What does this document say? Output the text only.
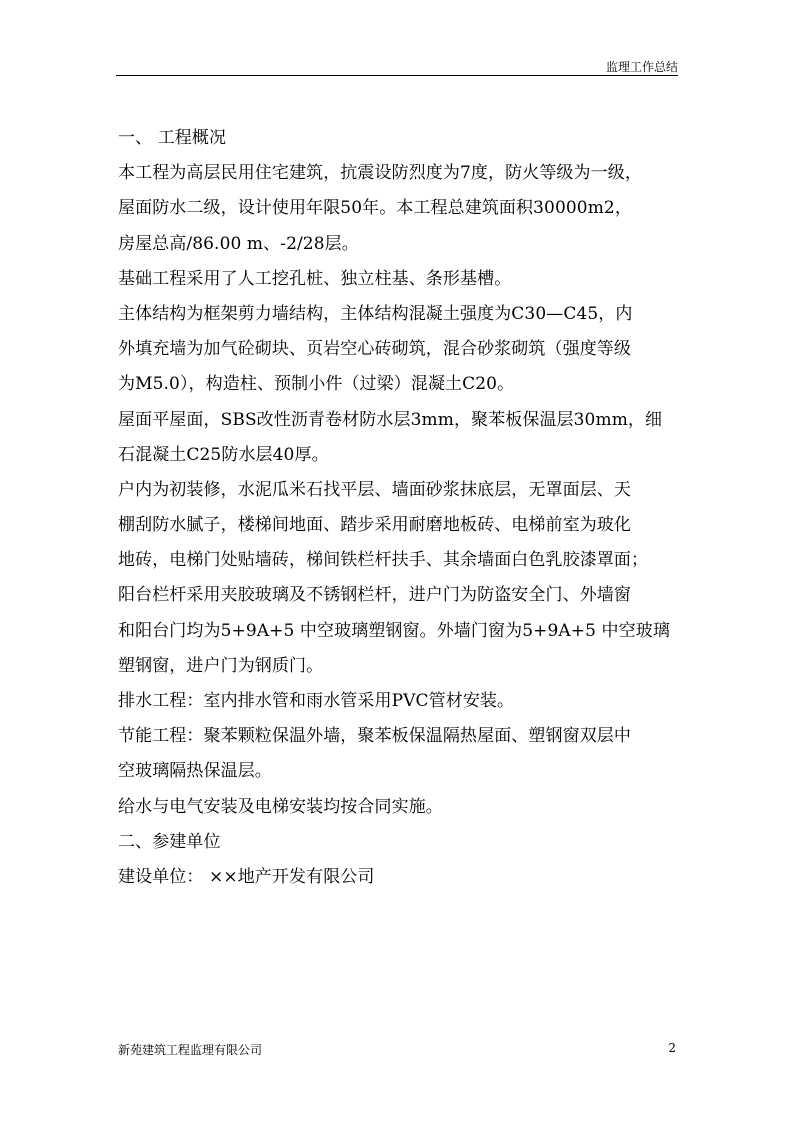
监理工作总结
一、 工程概况
本工程为高层民用住宅建筑，抗震设防烈度为7度，防火等级为一级，
屋面防水二级，设计使用年限50年。本工程总建筑面积30000m2，
房屋总高/86.00 m、-2/28层。
基础工程采用了人工挖孔桩、独立柱基、条形基槽。
主体结构为框架剪力墙结构，主体结构混凝土强度为C30—C45，内
外填充墙为加气砼砌块、页岩空心砖砌筑，混合砂浆砌筑（强度等级
为M5.0），构造柱、预制小件（过梁）混凝土C20。
屋面平屋面，SBS改性沥青卷材防水层3mm，聚苯板保温层30mm，细
石混凝土C25防水层40厚。
户内为初装修，水泥瓜米石找平层、墙面砂浆抹底层，无罩面层、天
棚刮防水腻子，楼梯间地面、踏步采用耐磨地板砖、电梯前室为玻化
地砖，电梯门处贴墙砖，梯间铁栏杆扶手、其余墙面白色乳胶漆罩面；
阳台栏杆采用夹胶玻璃及不锈钢栏杆，进户门为防盗安全门、外墙窗
和阳台门均为5+9A+5 中空玻璃塑钢窗。外墙门窗为5+9A+5 中空玻璃
塑钢窗，进户门为钢质门。
排水工程：室内排水管和雨水管采用PVC管材安装。
节能工程：聚苯颗粒保温外墙，聚苯板保温隔热屋面、塑钢窗双层中
空玻璃隔热保温层。
给水与电气安装及电梯安装均按合同实施。
二、参建单位
建设单位： ××地产开发有限公司
新苑建筑工程监理有限公司	2
